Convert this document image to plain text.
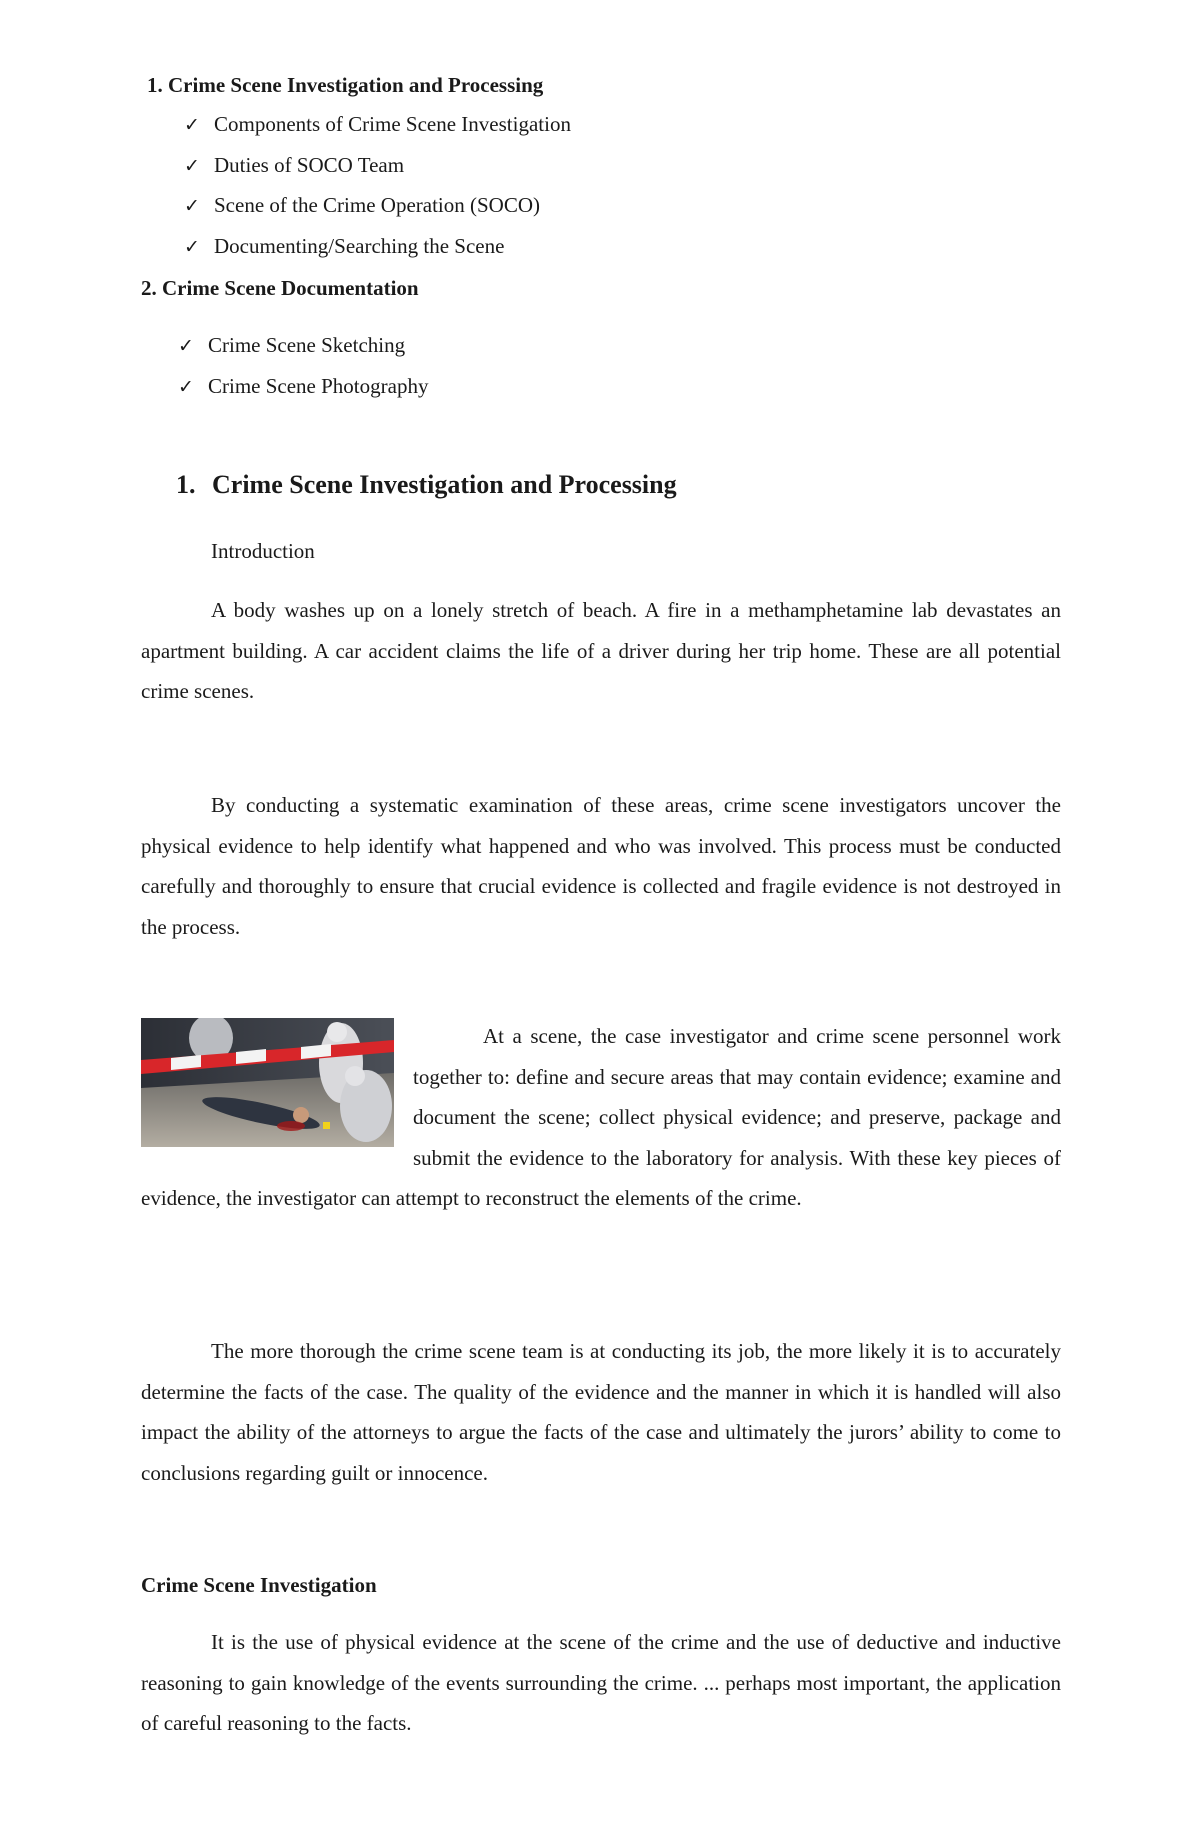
1. Crime Scene Investigation and Processing
✓ Components of Crime Scene Investigation
✓ Duties of SOCO Team
✓ Scene of the Crime Operation (SOCO)
✓ Documenting/Searching the Scene
2. Crime Scene Documentation
✓ Crime Scene Sketching
✓ Crime Scene Photography
1. Crime Scene Investigation and Processing
Introduction

A body washes up on a lonely stretch of beach. A fire in a methamphetamine lab devastates an apartment building. A car accident claims the life of a driver during her trip home. These are all potential crime scenes.

By conducting a systematic examination of these areas, crime scene investigators uncover the physical evidence to help identify what happened and who was involved. This process must be conducted carefully and thoroughly to ensure that crucial evidence is collected and fragile evidence is not destroyed in the process.

At a scene, the case investigator and crime scene personnel work together to: define and secure areas that may contain evidence; examine and document the scene; collect physical evidence; and preserve, package and submit the evidence to the laboratory for analysis. With these key pieces of evidence, the investigator can attempt to reconstruct the elements of the crime.

The more thorough the crime scene team is at conducting its job, the more likely it is to accurately determine the facts of the case. The quality of the evidence and the manner in which it is handled will also impact the ability of the attorneys to argue the facts of the case and ultimately the jurors’ ability to come to conclusions regarding guilt or innocence.

Crime Scene Investigation

It is the use of physical evidence at the scene of the crime and the use of deductive and inductive reasoning to gain knowledge of the events surrounding the crime. ... perhaps most important, the application of careful reasoning to the facts.
